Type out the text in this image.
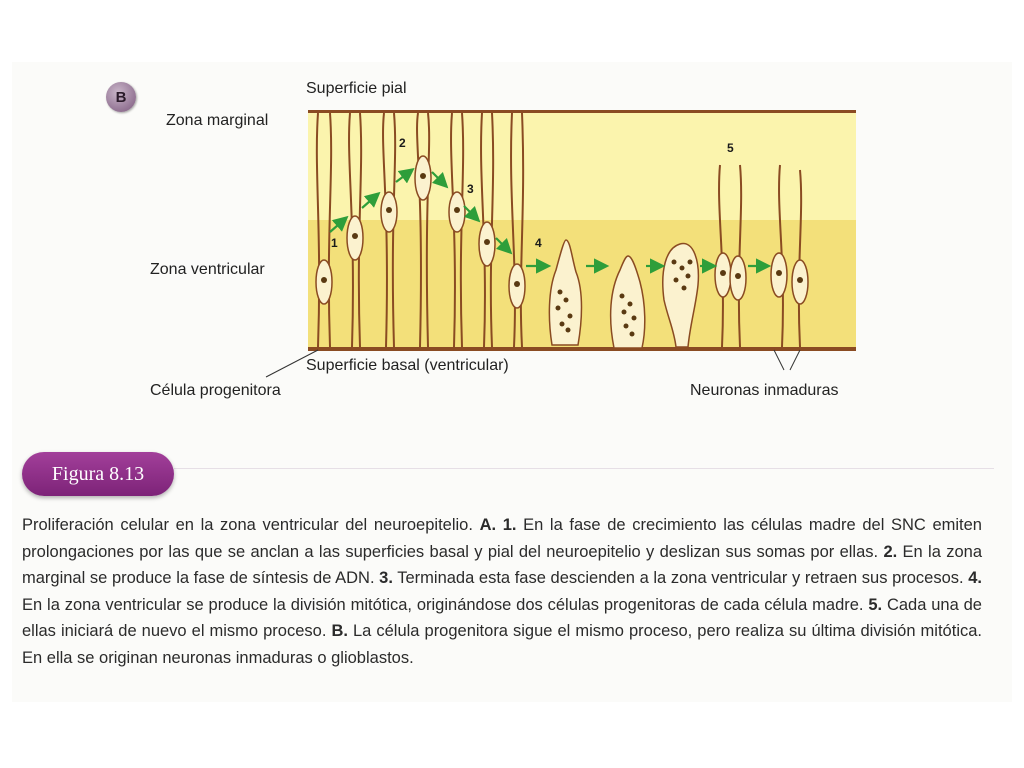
B	Superficie pial
Zona marginal
Zona ventricular
Superficie basal (ventricular)
Célula progenitora	Neuronas inmaduras
1
2
3
4
5
Figura 8.13
Proliferación celular en la zona ventricular del neuroepitelio. A. 1. En la fase de crecimiento las células madre del SNC emiten prolongaciones por las que se anclan a las superficies basal y pial del neuroepitelio y deslizan sus somas por ellas. 2. En la zona marginal se produce la fase de síntesis de ADN. 3. Terminada esta fase descienden a la zona ventricular y retraen sus procesos. 4. En la zona ventricular se produce la división mitótica, originándose dos células progenitoras de cada célula madre. 5. Cada una de ellas iniciará de nuevo el mismo proceso. B. La célula progenitora sigue el mismo proceso, pero realiza su última división mitótica. En ella se originan neuronas inmaduras o glioblastos.
